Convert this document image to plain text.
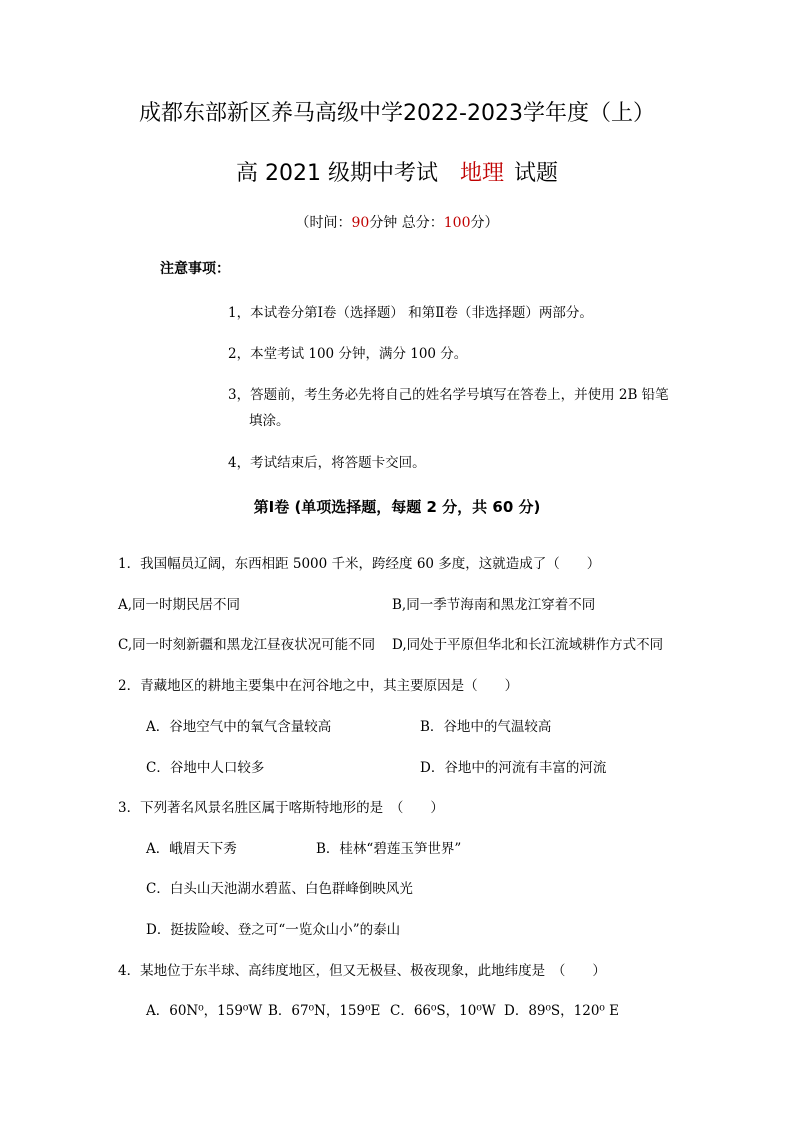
成都东部新区养马高级中学2022-2023学年度（上）
高 2021 级期中考试 地理 试题
（时间：90分钟 总分：100分）
注意事项：
1，本试卷分第Ⅰ卷（选择题） 和第Ⅱ卷（非选择题）两部分。
2，本堂考试 100 分钟，满分 100 分。
3，答题前，考生务必先将自己的姓名学号填写在答卷上，并使用 2B 铅笔
填涂。
4，考试结束后，将答题卡交回。
第Ⅰ卷 (单项选择题，每题 2 分，共 60 分)
1．我国幅员辽阔，东西相距 5000 千米，跨经度 60 多度，这就造成了（　　）
A,同一时期民居不同	B,同一季节海南和黑龙江穿着不同
C,同一时刻新疆和黑龙江昼夜状况可能不同 D,同处于平原但华北和长江流域耕作方式不同
2．青藏地区的耕地主要集中在河谷地之中，其主要原因是（　　）
A．谷地空气中的氧气含量较高	B．谷地中的气温较高
C．谷地中人口较多	D．谷地中的河流有丰富的河流
3．下列著名风景名胜区属于喀斯特地形的是　（　　）
A．峨眉天下秀	B．桂林“碧莲玉笋世界”
C．白头山天池湖水碧蓝、白色群峰倒映风光
D．挺拔险峻、登之可“一览众山小”的泰山
4．某地位于东半球、高纬度地区，但又无极昼、极夜现象，此地纬度是　（　　）
A．60N⁰，159⁰W B．67⁰N，159⁰E C．66⁰S，10⁰W D．89⁰S，120⁰ E
